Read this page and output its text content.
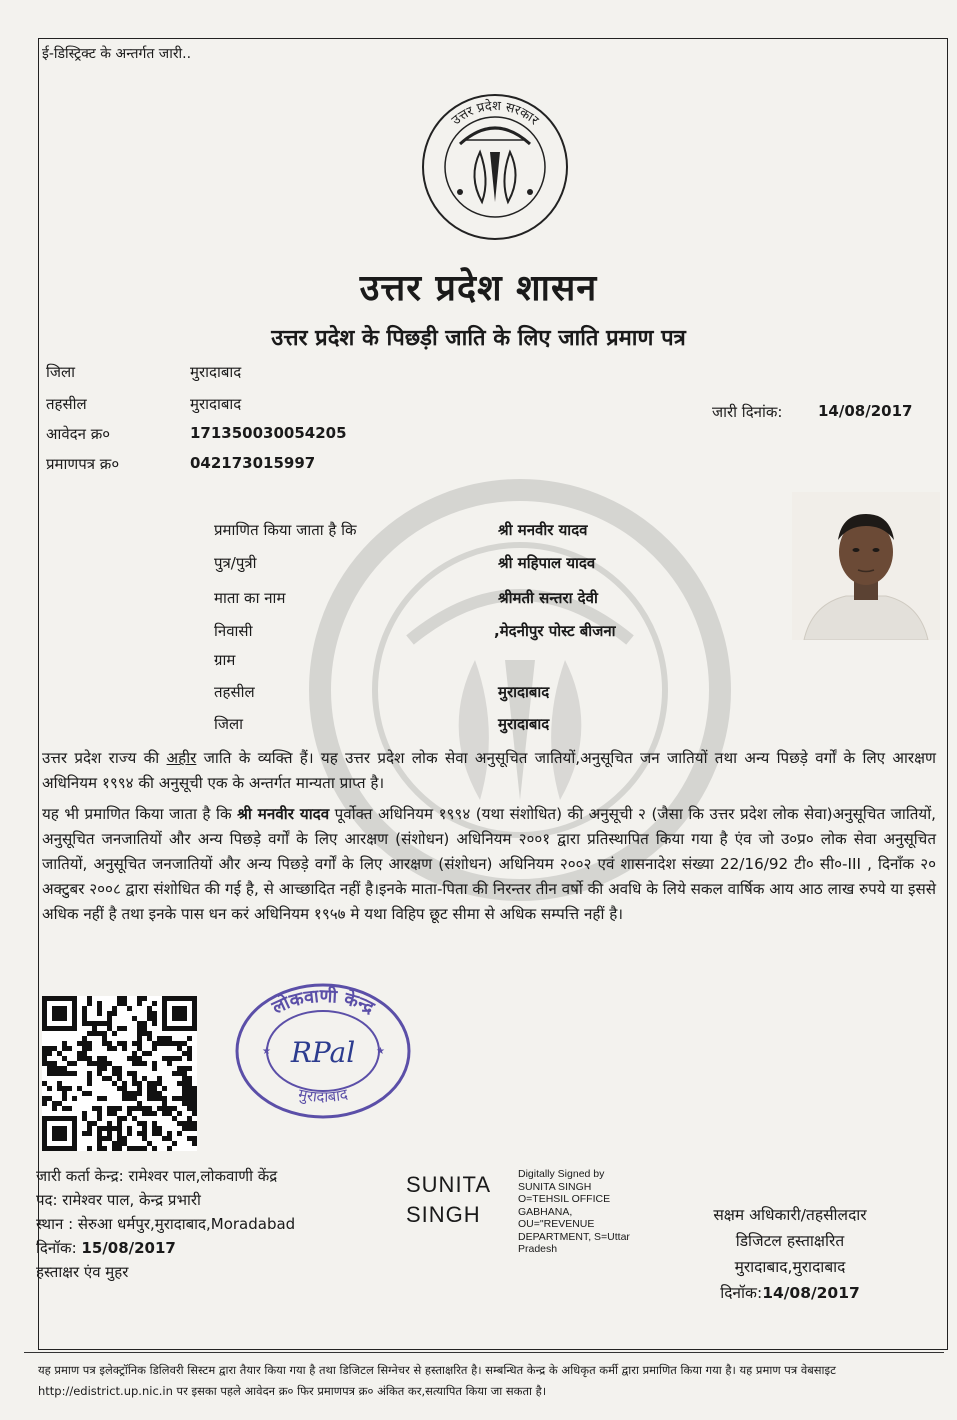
ई-डिस्ट्रिक्ट के अन्तर्गत जारी..
उत्तर प्रदेश सरकार
उत्तर प्रदेश शासन
उत्तर प्रदेश के पिछड़ी जाति के लिए जाति प्रमाण पत्र
जिला	मुरादाबाद
तहसील	मुरादाबाद
आवेदन क्र०	171350030054205
प्रमाणपत्र क्र०	042173015997
जारी दिनांक: 14/08/2017
प्रमाणित किया जाता है कि	श्री मनवीर यादव
पुत्र/पुत्री	श्री महिपाल यादव
माता का नाम	श्रीमती सन्तरा देवी
निवासी	,मेदनीपुर पोस्ट बीजना
ग्राम
तहसील	मुरादाबाद
जिला	मुरादाबाद
उत्तर प्रदेश राज्य की अहीर जाति के व्यक्ति हैं। यह उत्तर प्रदेश लोक सेवा अनुसूचित जातियों,अनुसूचित जन जातियों तथा अन्य पिछड़े वर्गों के लिए आरक्षण अधिनियम १९९४ की अनुसूची एक के अन्तर्गत मान्यता प्राप्त है।
यह भी प्रमाणित किया जाता है कि श्री मनवीर यादव पूर्वोक्त अधिनियम १९९४ (यथा संशोधित) की अनुसूची २ (जैसा कि उत्तर प्रदेश लोक सेवा)अनुसूचित जातियों, अनुसूचित जनजातियों और अन्य पिछड़े वर्गों के लिए आरक्षण (संशोधन) अधिनियम २००१ द्वारा प्रतिस्थापित किया गया है एंव जो उ०प्र० लोक सेवा अनुसूचित जातियों, अनुसूचित जनजातियों और अन्य पिछड़े वर्गों के लिए आरक्षण (संशोधन) अधिनियम २००२ एवं शासनादेश संख्या 22/16/92 टी० सी०-III , दिनाँक २० अक्टुबर २००८ द्वारा संशोधित की गई है, से आच्छादित नहीं है।इनके माता-पिता की निरन्तर तीन वर्षो की अवधि के लिये सकल वार्षिक आय आठ लाख रुपये या इससे अधिक नहीं है तथा इनके पास धन करं अधिनियम १९५७ मे यथा विहिप छूट सीमा से अधिक सम्पत्ति नहीं है।
लोकवाणी केन्द्र
मुरादाबाद
★	★
RPal
जारी कर्ता केन्द्र: रामेश्वर पाल,लोकवाणी केंद्र
पद: रामेश्वर पाल, केन्द्र प्रभारी
स्थान : सेरुआ धर्मपुर,मुरादाबाद,Moradabad
दिनॉक: 15/08/2017
हस्ताक्षर एंव मुहर
SUNITA
SINGH
Digitally Signed by SUNITA SINGH O=TEHSIL OFFICE GABHANA, OU="REVENUE DEPARTMENT, S=Uttar Pradesh
सक्षम अधिकारी/तहसीलदार
डिजिटल हस्ताक्षरित
मुरादाबाद,मुरादाबाद
दिनॉक:14/08/2017
यह प्रमाण पत्र इलेक्ट्रॉनिक डिलिवरी सिस्टम द्वारा तैयार किया गया है तथा डिजिटल सिग्नेचर से हस्ताक्षरित है। सम्बन्धित केन्द्र के अधिकृत कर्मी द्वारा प्रमाणित किया गया है। यह प्रमाण पत्र वेबसाइट http://edistrict.up.nic.in पर इसका पहले आवेदन क्र० फिर प्रमाणपत्र क्र० अंकित कर,सत्यापित किया जा सकता है।
